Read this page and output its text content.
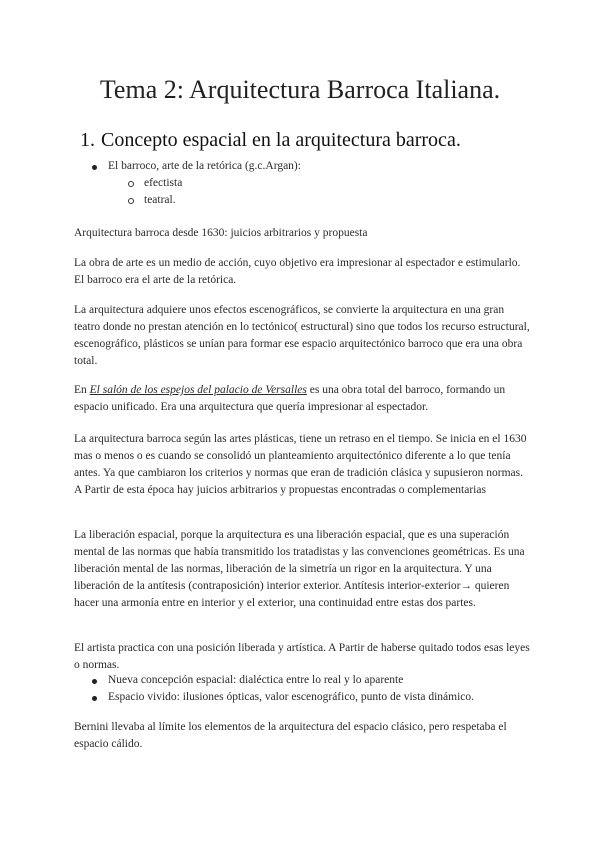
Tema 2: Arquitectura Barroca Italiana.
1. Concepto espacial en la arquitectura barroca.

El barroco, arte de la retórica (g.c.Argan):

efectista

teatral.

Arquitectura barroca desde 1630: juicios arbitrarios y propuesta

La obra de arte es un medio de acción, cuyo objetivo era impresionar al espectador e estimularlo. El barroco era el arte de la retórica.

La arquitectura adquiere unos efectos escenográficos, se convierte la arquitectura en una gran teatro donde no prestan atención en lo tectónico( estructural) sino que todos los recurso estructural, escenográfico, plásticos se unían para formar ese espacio arquitectónico barroco que era una obra total.

En El salón de los espejos del palacio de Versalles es una obra total del barroco, formando un espacio unificado. Era una arquitectura que quería impresionar al espectador.

La arquitectura barroca según las artes plásticas, tiene un retraso en el tiempo. Se inicia en el 1630 mas o menos o es cuando se consolidó un planteamiento arquitectónico diferente a lo que tenía antes. Ya que cambiaron los criterios y normas que eran de tradición clásica y supusieron normas. A Partir de esta época hay juicios arbitrarios y propuestas encontradas o complementarias

La liberación espacial, porque la arquitectura es una liberación espacial, que es una superación mental de las normas que había transmitido los tratadistas y las convenciones geométricas. Es una liberación mental de las normas, liberación de la simetría un rigor en la arquitectura. Y una liberación de la antítesis (contraposición) interior exterior. Antítesis interior-exterior→ quieren hacer una armonía entre en interior y el exterior, una continuidad entre estas dos partes.

El artista practica con una posición liberada y artística. A Partir de haberse quitado todos esas leyes o normas.

Nueva concepción espacial: dialéctica entre lo real y lo aparente

Espacio vivido: ilusiones ópticas, valor escenográfico, punto de vista dinámico.

Bernini llevaba al límite los elementos de la arquitectura del espacio clásico, pero respetaba el espacio cálido.
